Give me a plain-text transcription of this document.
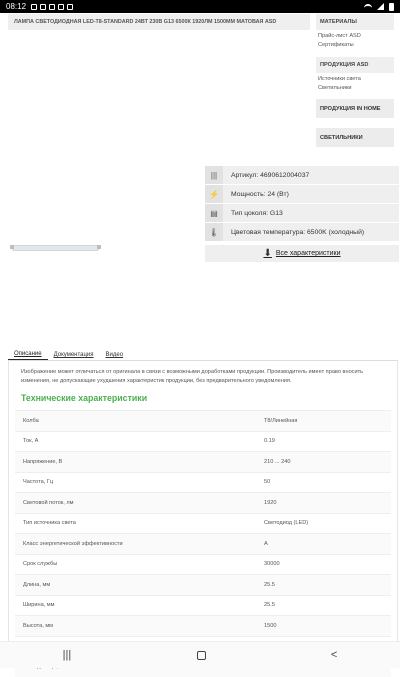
08:12
ЛАМПА СВЕТОДИОДНАЯ LED-T8-STANDARD 24ВТ 230В G13 6500К 1920ЛМ 1500ММ МАТОВАЯ ASD	МАТЕРИАЛЫ
Прайс-лист ASD
Сертификаты
ПРОДУКЦИЯ ASD
Источники света
Светильники
ПРОДУКЦИЯ IN HOME
СВЕТИЛЬНИКИ
|||	Артикул: 4690612004037
⚡	Мощность: 24 (Вт)
▤	Тип цоколя: G13
🌡	Цветовая температура: 6500K (холодный)
⬇ Все характеристики
Описание	Документация	Видео
Изображение может отличаться от оригинала в связи с возможными доработками продукции. Производитель имеет право вносить изменения, не допускающие ухудшения характеристик продукции, без предварительного уведомления.
Технические характеристики
Колба	Т8/Линейная
Ток, А	0.19
Напряжение, В	210 ... 240
Частота, Гц	50
Световой поток, лм	1920
Тип источника света	Светодиод (LED)
Класс энергетической эффективности	A
Срок службы	30000
Длина, мм	25.5
Ширина, мм	25.5
Высота, мм	1500

|||	<
